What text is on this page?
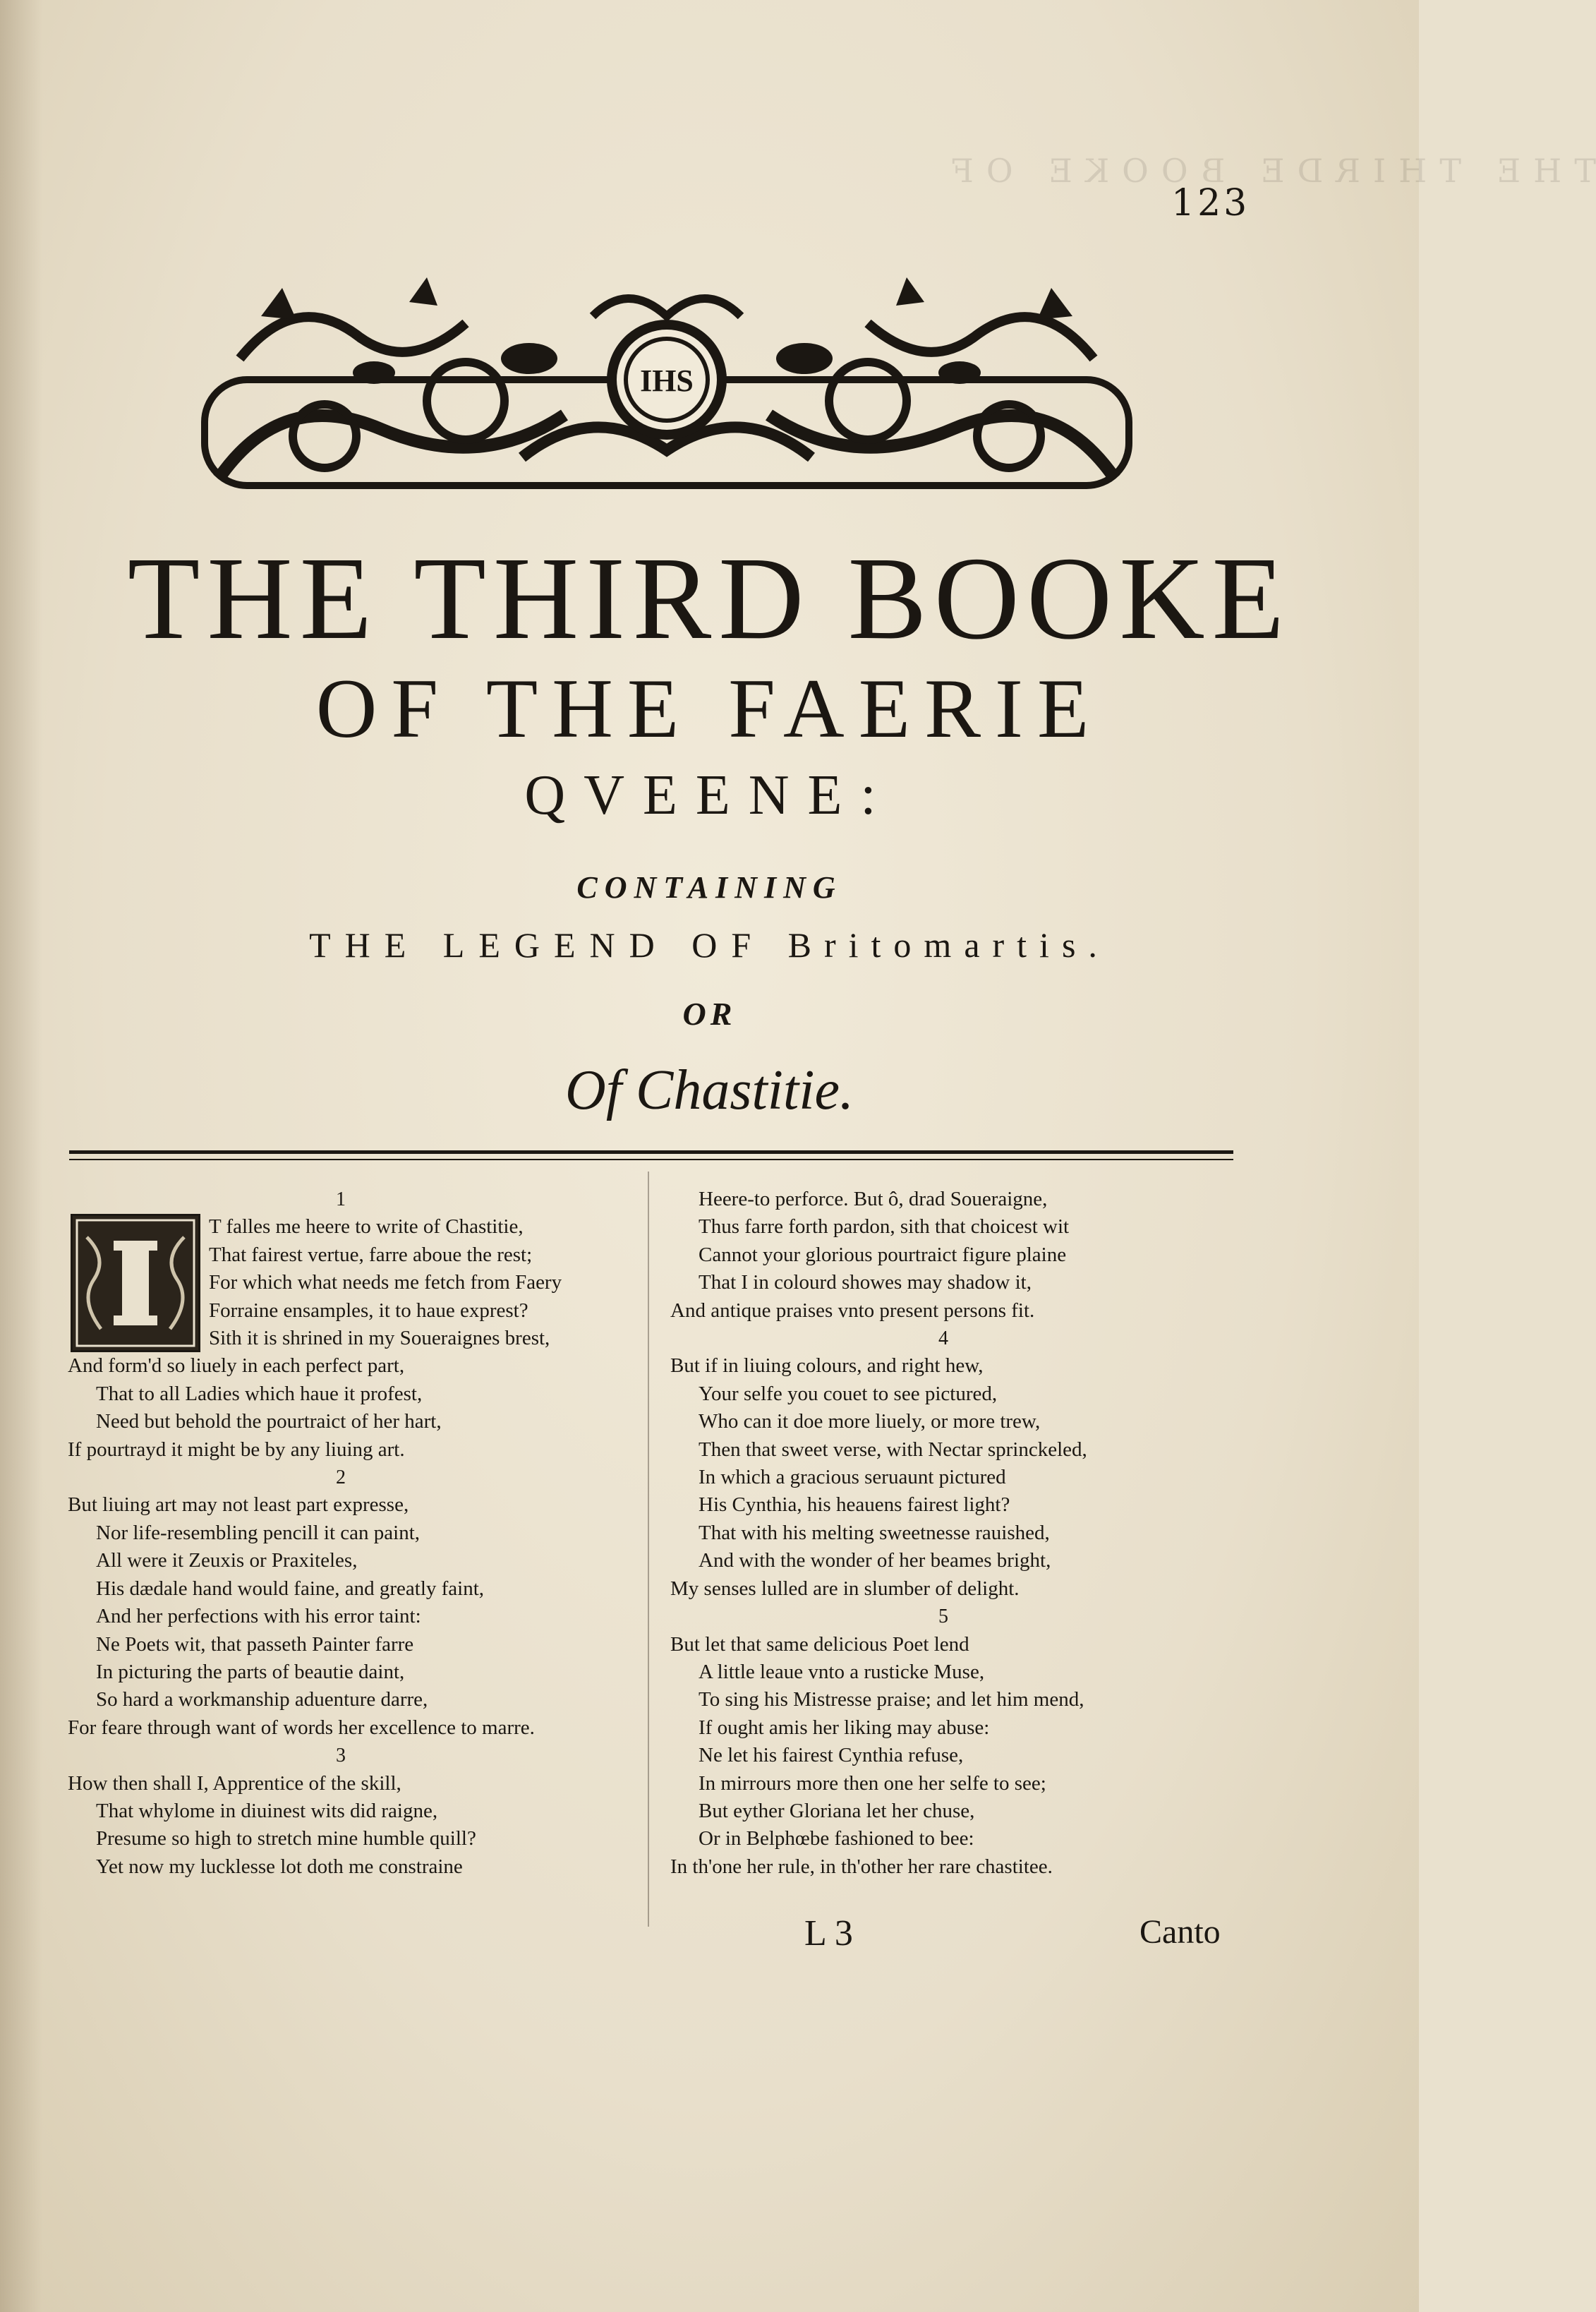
THE THIRDE BOOKE OF
123
IHS
THE THIRD BOOKE
OF THE FAERIE
QVEENE:
CONTAINING
THE LEGEND OF Britomartis.
OR
Of Chastitie.
1
T falles me heere to write of Chastitie,
That fairest vertue, farre aboue the rest;
For which what needs me fetch from Faery
Forraine ensamples, it to haue exprest?
Sith it is shrined in my Soueraignes brest,
And form'd so liuely in each perfect part,
That to all Ladies which haue it profest,
Need but behold the pourtraict of her hart,
If pourtrayd it might be by any liuing art.
2
But liuing art may not least part expresse,
Nor life-resembling pencill it can paint,
All were it Zeuxis or Praxiteles,
His dædale hand would faine, and greatly faint,
And her perfections with his error taint:
Ne Poets wit, that passeth Painter farre
In picturing the parts of beautie daint,
So hard a workmanship aduenture darre,
For feare through want of words her excellence to marre.
3
How then shall I, Apprentice of the skill,
That whylome in diuinest wits did raigne,
Presume so high to stretch mine humble quill?
Yet now my lucklesse lot doth me constraine
Heere-to perforce. But ô, drad Soueraigne,
Thus farre forth pardon, sith that choicest wit
Cannot your glorious pourtraict figure plaine
That I in colourd showes may shadow it,
And antique praises vnto present persons fit.
4
But if in liuing colours, and right hew,
Your selfe you couet to see pictured,
Who can it doe more liuely, or more trew,
Then that sweet verse, with Nectar sprinckeled,
In which a gracious seruaunt pictured
His Cynthia, his heauens fairest light?
That with his melting sweetnesse rauished,
And with the wonder of her beames bright,
My senses lulled are in slumber of delight.
5
But let that same delicious Poet lend
A little leaue vnto a rusticke Muse,
To sing his Mistresse praise; and let him mend,
If ought amis her liking may abuse:
Ne let his fairest Cynthia refuse,
In mirrours more then one her selfe to see;
But eyther Gloriana let her chuse,
Or in Belphœbe fashioned to bee:
In th'one her rule, in th'other her rare chastitee.
L 3	Canto
